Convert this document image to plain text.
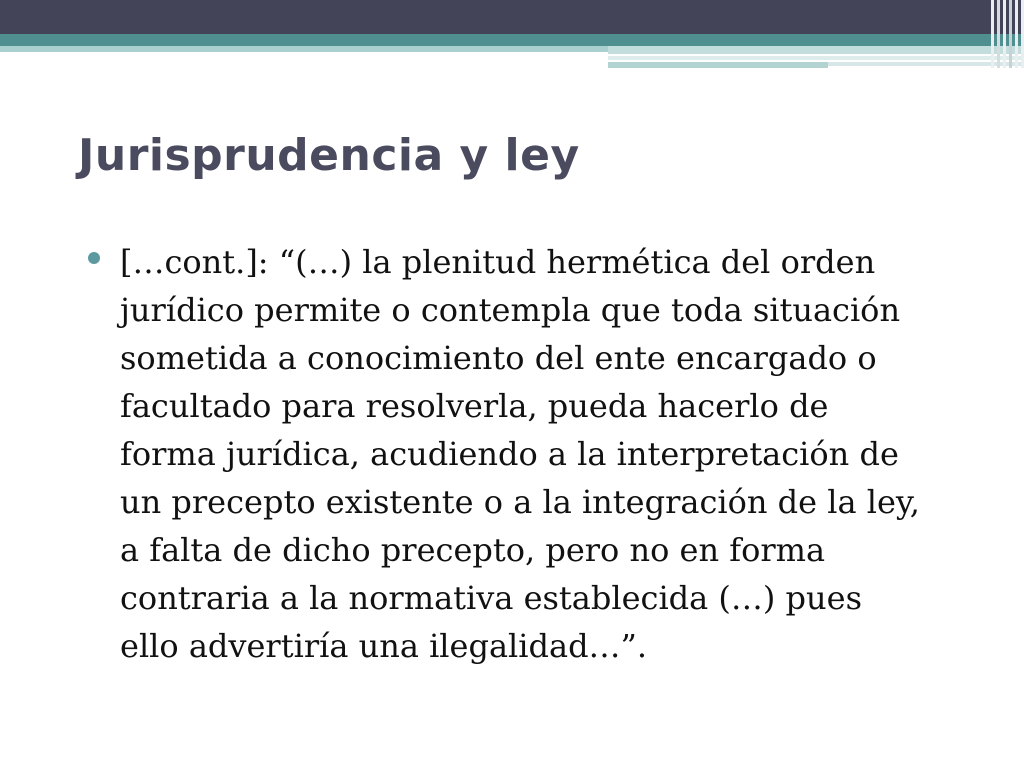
Jurisprudencia y ley
[…cont.]: “(…) la plenitud hermética del orden
jurídico permite o contempla que toda situación
sometida a conocimiento del ente encargado o
facultado para resolverla, pueda hacerlo de
forma jurídica, acudiendo a la interpretación de
un precepto existente o a la integración de la ley,
a falta de dicho precepto, pero no en forma
contraria a la normativa establecida (…) pues
ello advertiría una ilegalidad…”.
